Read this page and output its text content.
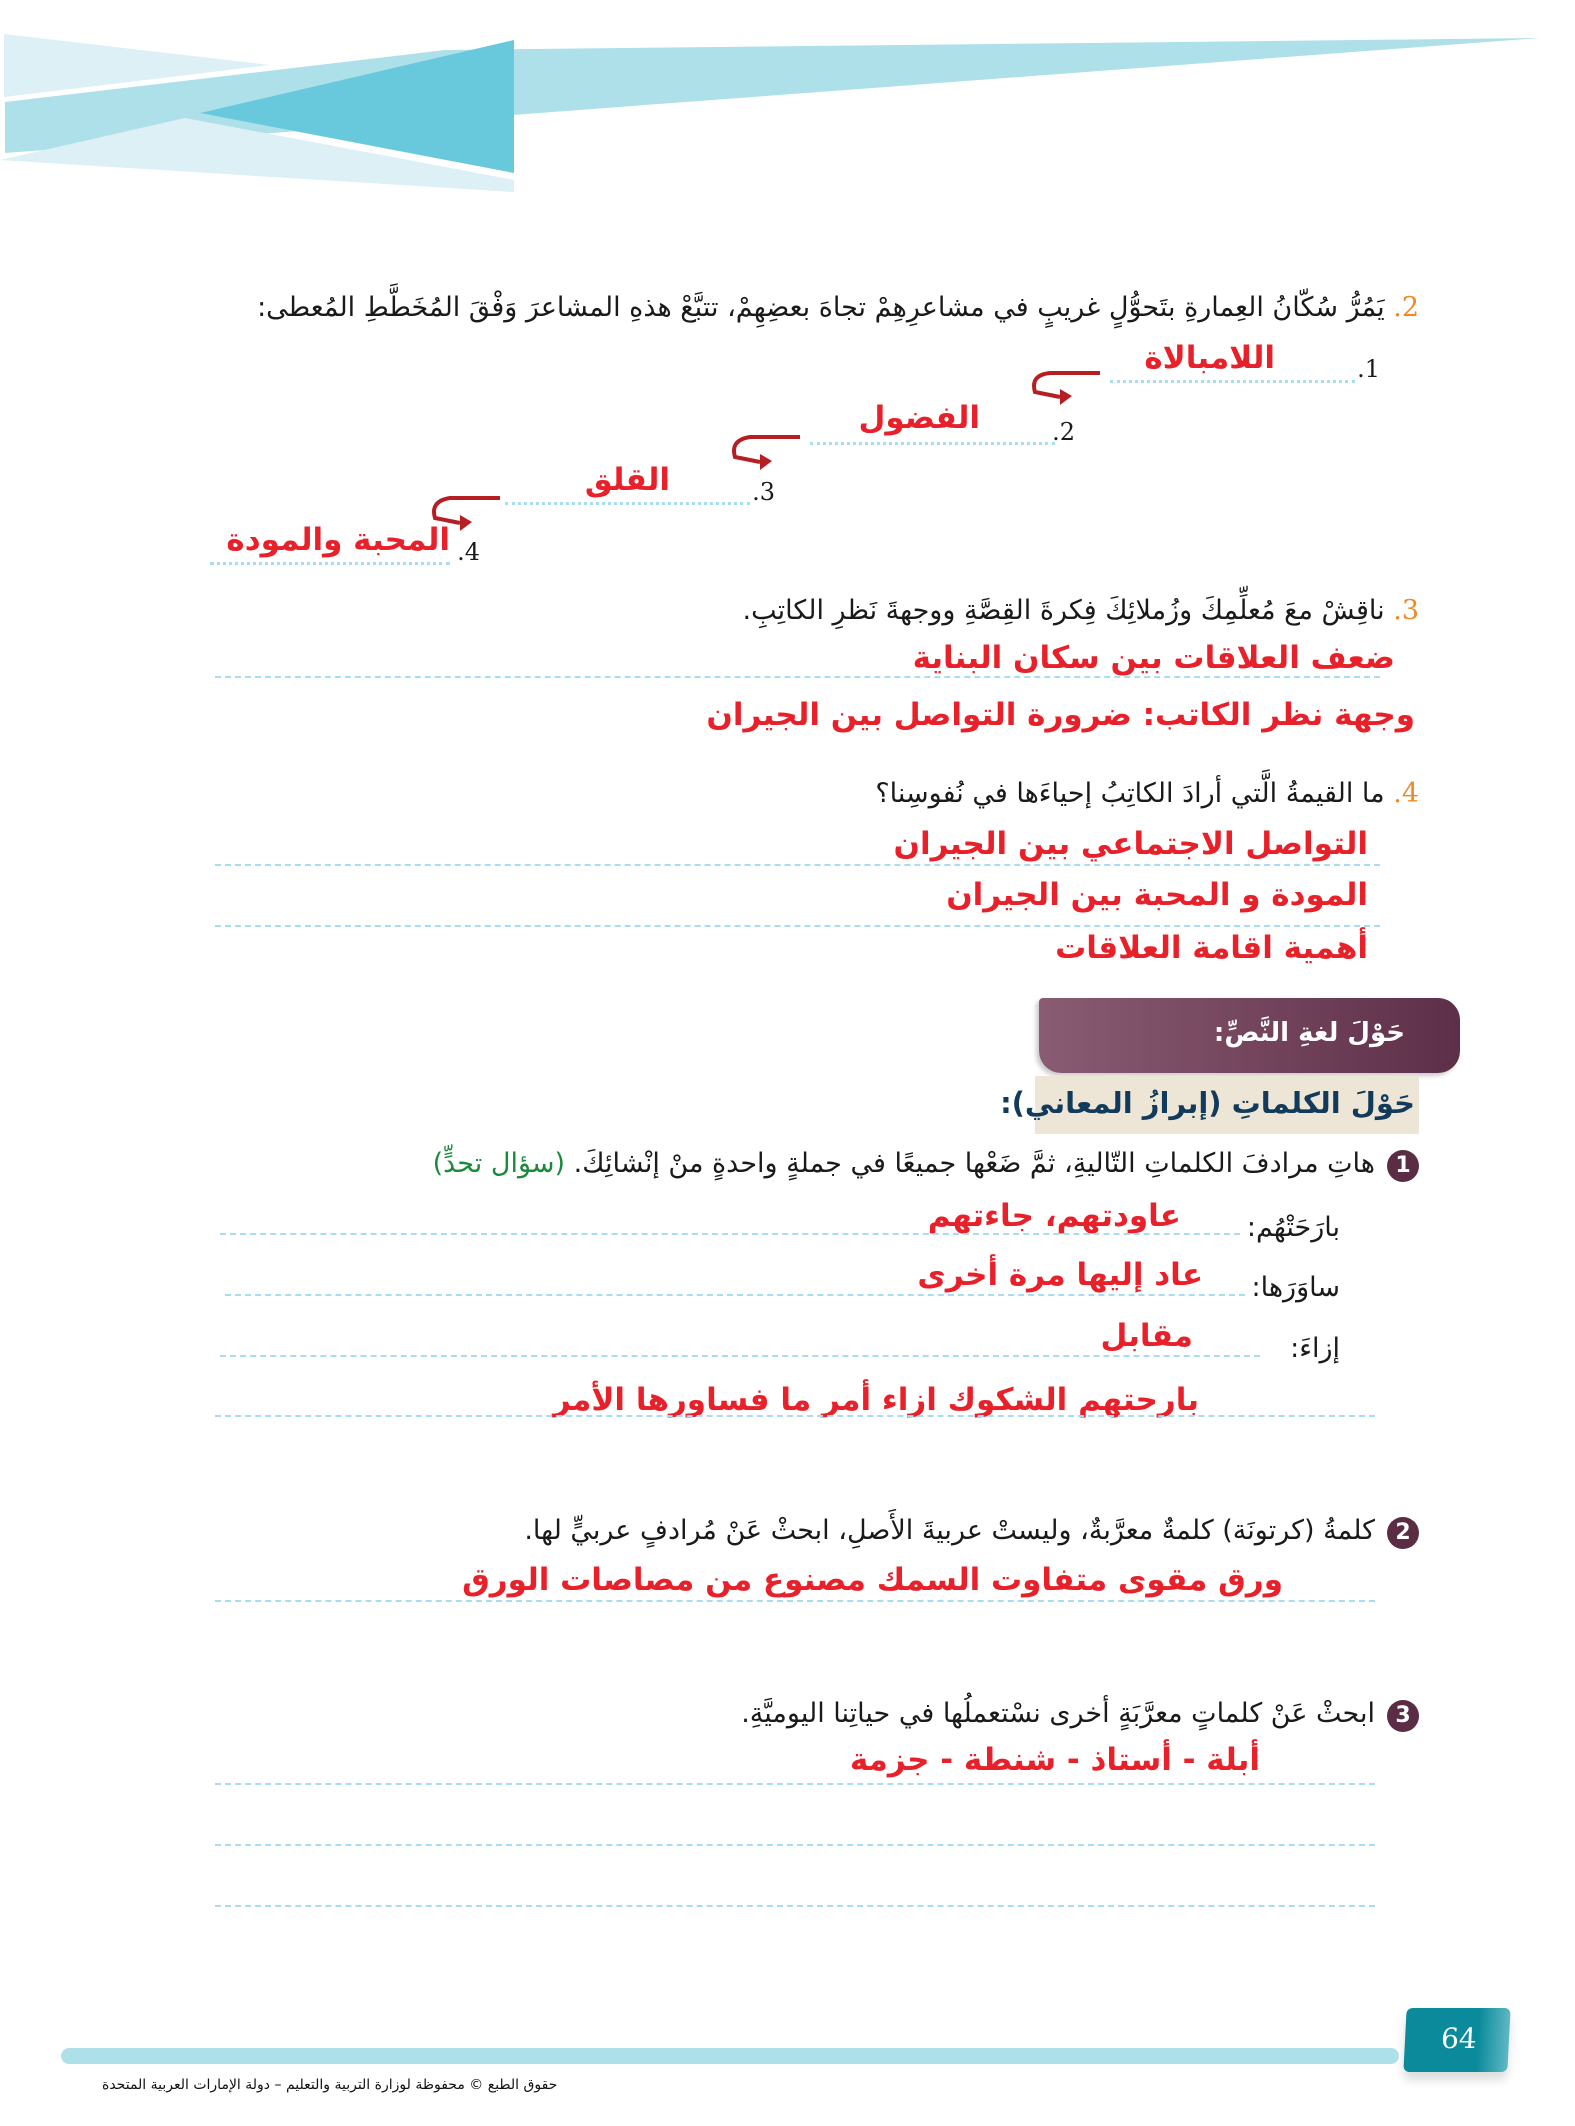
الدَّرسُ
5
2. يَمُرُّ سُكّانُ العِمارةِ بتَحوُّلٍ غريبٍ في مشاعرِهِمْ تجاهَ بعضِهِمْ، تتبَّعْ هذهِ المشاعرَ وَفْقَ المُخَطَّطِ المُعطى:
1.
اللامبالاة
2.
الفضول
3.
القلق
4.
المحبة والمودة
3. ناقِشْ معَ مُعلِّمِكَ وزُملائِكَ فِكرةَ القِصَّةِ ووجهةَ نَظرِ الكاتِبِ.
ضعف العلاقات بين سكان البناية
وجهة نظر الكاتب: ضرورة التواصل بين الجيران
4. ما القيمةُ الَّتي أرادَ الكاتِبُ إحياءَها في نُفوسِنا؟
التواصل الاجتماعي بين الجيران
المودة و المحبة بين الجيران
أهمية اقامة العلاقات
حَوْلَ لغةِ النَّصِّ:
حَوْلَ الكلماتِ (إبرازُ المعاني):
1هاتِ مرادفَ الكلماتِ التّاليةِ، ثمَّ ضَعْها جميعًا في جملةٍ واحدةٍ منْ إنْشائِكَ. (سؤال تحدٍّ)
بارَحَتْهُم:
عاودتهم، جاءتهم
ساوَرَها:
عاد إليها مرة أخرى
إزاءَ:
مقابل
بارحتهم الشكوك ازاء أمر ما فساورها الأمر
2كلمةُ (كرتونَة) كلمةٌ معرَّبةٌ، وليستْ عربيةَ الأَصلِ، ابحثْ عَنْ مُرادفٍ عربيٍّ لها.
ورق مقوى متفاوت السمك مصنوع من مصاصات الورق
3ابحثْ عَنْ كلماتٍ معرَّبَةٍ أخرى نسْتعملُها في حياتِنا اليوميَّةِ.
أبلة - أستاذ - شنطة - جزمة
64
حقوق الطبع © محفوظة لوزارة التربية والتعليم – دولة الإمارات العربية المتحدة
